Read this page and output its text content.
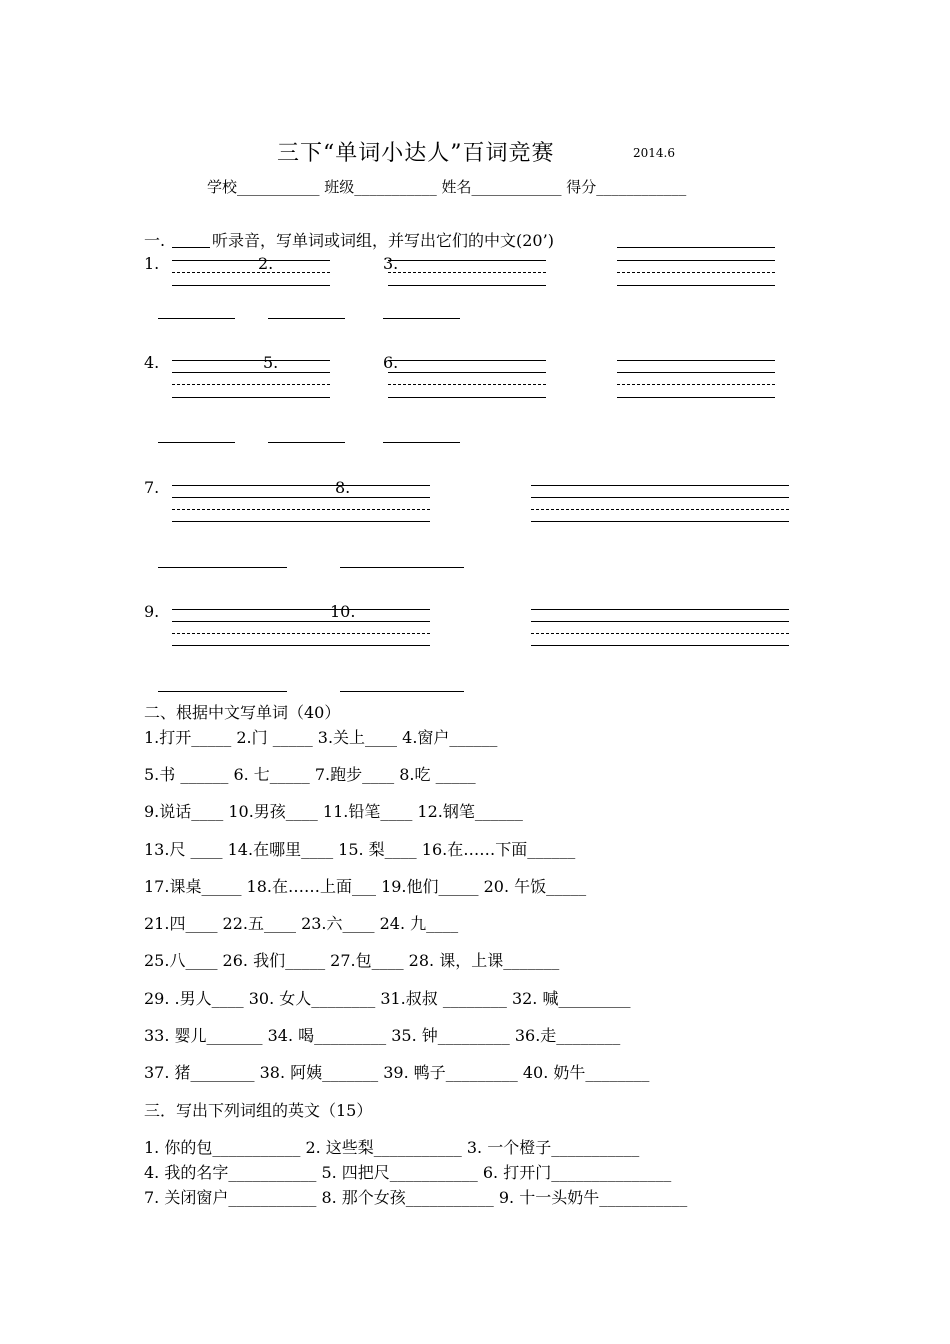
三下“单词小达人”百词竞赛	2014.6
学校___________ 班级___________ 姓名____________ 得分____________
一.	听录音，写单词或词组，并写出它们的中文(20’)
1.	2.	3.
4.	5.	6.
7.	8.
9.	10.
二、根据中文写单词（40）
1.打开_____ 2.门 _____ 3.关上____ 4.窗户______
5.书 ______ 6. 七_____ 7.跑步____ 8.吃 _____
9.说话____ 10.男孩____ 11.铅笔____ 12.钢笔______
13.尺 ____ 14.在哪里____ 15. 梨____ 16.在……下面______
17.课桌_____ 18.在……上面___ 19.他们_____ 20. 午饭_____
21.四____ 22.五____ 23.六____ 24. 九____
25.八____ 26. 我们_____ 27.包____ 28. 课，上课_______
29. .男人____ 30. 女人________ 31.叔叔 ________ 32. 喊_________
33. 婴儿_______ 34. 喝_________ 35. 钟_________ 36.走________
37. 猪________ 38. 阿姨_______ 39. 鸭子_________ 40. 奶牛________
三．写出下列词组的英文（15）
1. 你的包___________ 2. 这些梨___________ 3. 一个橙子___________
4. 我的名字___________ 5. 四把尺___________ 6. 打开门_______________
7. 关闭窗户___________ 8. 那个女孩___________ 9. 十一头奶牛___________
